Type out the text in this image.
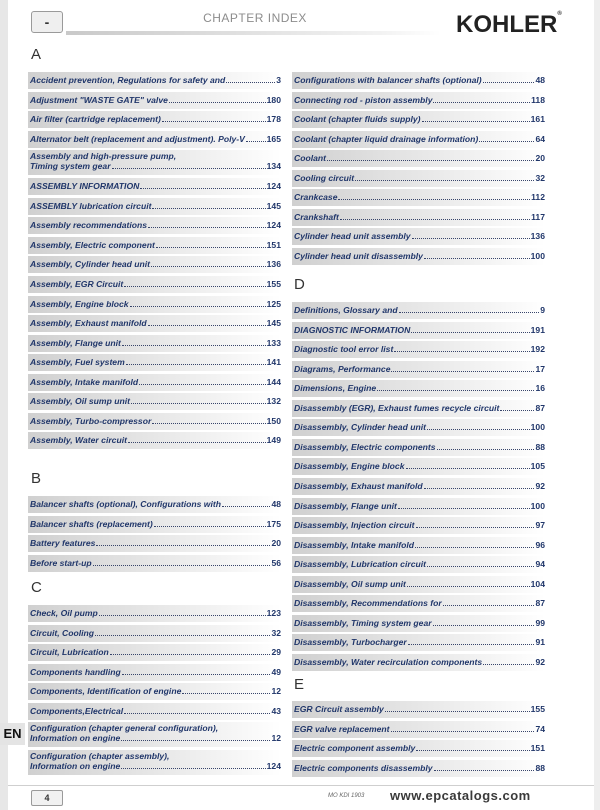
-	CHAPTER INDEX	KOHLER®
A
B
C
D
E
Accident prevention, Regulations for safety and	3
Adjustment "WASTE GATE" valve	180
Air filter (cartridge replacement)	178
Alternator belt (replacement and adjustment). Poly-V	165
Assembly and high-pressure pump,
Timing system gear	134
ASSEMBLY INFORMATION	124
ASSEMBLY lubrication circuit	145
Assembly recommendations	124
Assembly, Electric component	151
Assembly, Cylinder head unit	136
Assembly, EGR Circuit	155
Assembly, Engine block	125
Assembly, Exhaust manifold	145
Assembly, Flange unit	133
Assembly, Fuel system	141
Assembly, Intake manifold	144
Assembly, Oil sump unit	132
Assembly, Turbo-compressor	150
Assembly, Water circuit	149
Balancer shafts (optional), Configurations with	48
Balancer shafts (replacement)	175
Battery features	20
Before start-up	56
Check, Oil pump	123
Circuit, Cooling	32
Circuit, Lubrication	29
Components handling	49
Components, Identification of engine	12
Components,Electrical	43
Configuration (chapter general configuration),
Information on engine	12
Configuration (chapter assembly),
Information on engine	124
Configurations with balancer shafts (optional)	48
Connecting rod - piston assembly	118
Coolant (chapter fluids supply)	161
Coolant (chapter liquid drainage information)	64
Coolant	20
Cooling circuit	32
Crankcase	112
Crankshaft	117
Cylinder head unit assembly	136
Cylinder head unit disassembly	100
Definitions, Glossary and	9
DIAGNOSTIC INFORMATION	191
Diagnostic tool error list	192
Diagrams, Performance	17
Dimensions, Engine	16
Disassembly (EGR), Exhaust fumes recycle circuit	87
Disassembly, Cylinder head unit	100
Disassembly, Electric components	88
Disassembly, Engine block	105
Disassembly, Exhaust manifold	92
Disassembly, Flange unit	100
Disassembly, Injection circuit	97
Disassembly, Intake manifold	96
Disassembly, Lubrication circuit	94
Disassembly, Oil sump unit	104
Disassembly, Recommendations for	87
Disassembly, Timing system gear	99
Disassembly, Turbocharger	91
Disassembly, Water recirculation components	92
EGR Circuit assembly	155
EGR valve replacement	74
Electric component assembly	151
Electric components disassembly	88
EN
4	MO KDI 1903 www.epcatalogs.com
